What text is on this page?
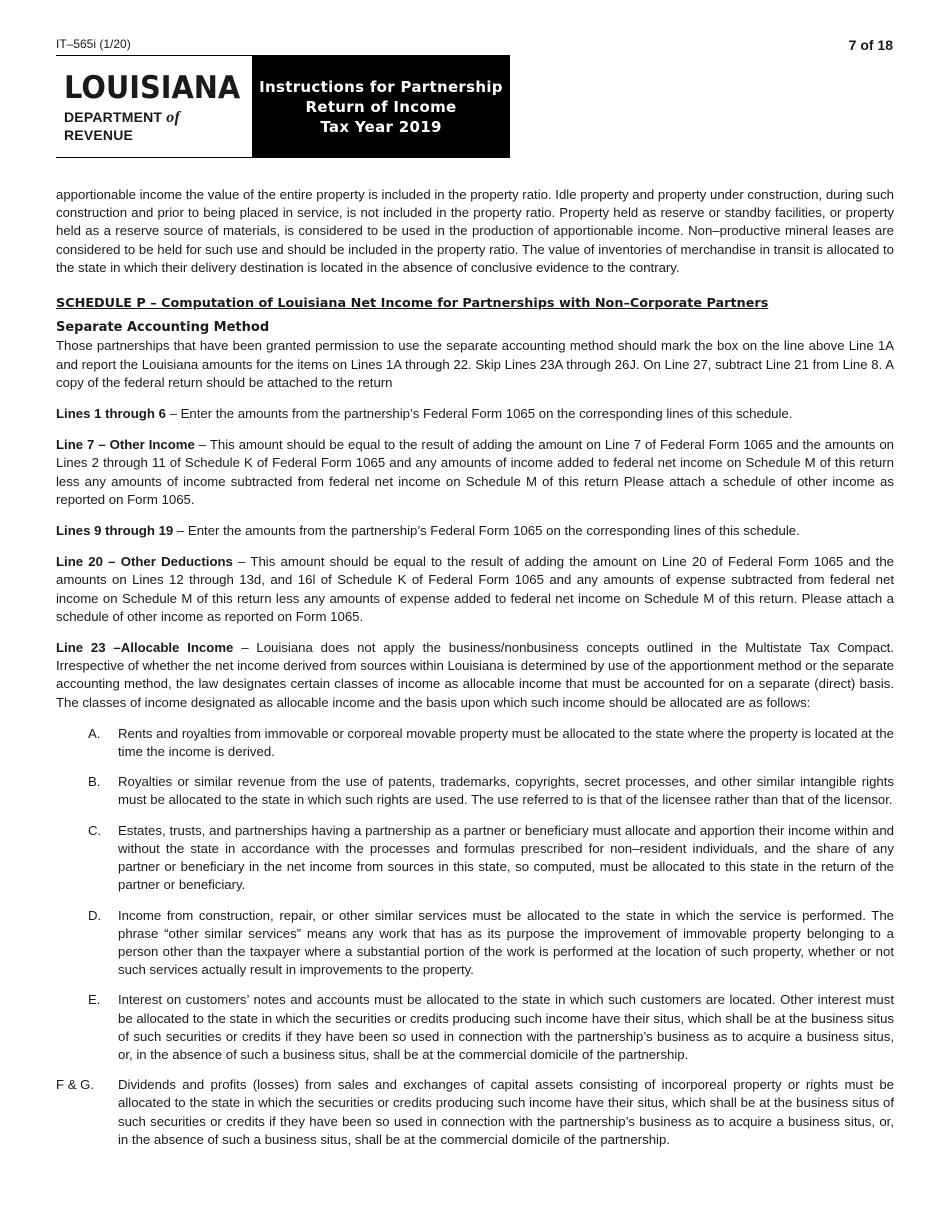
IT–565i (1/20)	7 of 18
LOUISIANA
DEPARTMENT of REVENUE
Instructions for Partnership
Return of Income
Tax Year 2019

apportionable income the value of the entire property is included in the property ratio. Idle property and property under construction, during such construction and prior to being placed in service, is not included in the property ratio. Property held as reserve or standby facilities, or property held as a reserve source of materials, is considered to be used in the production of apportionable income. Non–productive mineral leases are considered to be held for such use and should be included in the property ratio. The value of inventories of merchandise in transit is allocated to the state in which their delivery destination is located in the absence of conclusive evidence to the contrary.

SCHEDULE P – Computation of Louisiana Net Income for Partnerships with Non–Corporate Partners
Separate Accounting Method

Those partnerships that have been granted permission to use the separate accounting method should mark the box on the line above Line 1A and report the Louisiana amounts for the items on Lines 1A through 22. Skip Lines 23A through 26J. On Line 27, subtract Line 21 from Line 8. A copy of the federal return should be attached to the return

Lines 1 through 6 – Enter the amounts from the partnership’s Federal Form 1065 on the corresponding lines of this schedule.

Line 7 – Other Income – This amount should be equal to the result of adding the amount on Line 7 of Federal Form 1065 and the amounts on Lines 2 through 11 of Schedule K of Federal Form 1065 and any amounts of income added to federal net income on Schedule M of this return less any amounts of income subtracted from federal net income on Schedule M of this return Please attach a schedule of other income as reported on Form 1065.

Lines 9 through 19 – Enter the amounts from the partnership’s Federal Form 1065 on the corresponding lines of this schedule.

Line 20 – Other Deductions – This amount should be equal to the result of adding the amount on Line 20 of Federal Form 1065 and the amounts on Lines 12 through 13d, and 16l of Schedule K of Federal Form 1065 and any amounts of expense subtracted from federal net income on Schedule M of this return less any amounts of expense added to federal net income on Schedule M of this return. Please attach a schedule of other income as reported on Form 1065.

Line 23 –Allocable Income – Louisiana does not apply the business/nonbusiness concepts outlined in the Multistate Tax Compact. Irrespective of whether the net income derived from sources within Louisiana is determined by use of the apportionment method or the separate accounting method, the law designates certain classes of income as allocable income that must be accounted for on a separate (direct) basis. The classes of income designated as allocable income and the basis upon which such income should be allocated are as follows:

A.	Rents and royalties from immovable or corporeal movable property must be allocated to the state where the property is located at the time the income is derived.
B.	Royalties or similar revenue from the use of patents, trademarks, copyrights, secret processes, and other similar intangible rights must be allocated to the state in which such rights are used. The use referred to is that of the licensee rather than that of the licensor.
C.	Estates, trusts, and partnerships having a partnership as a partner or beneficiary must allocate and apportion their income within and without the state in accordance with the processes and formulas prescribed for non–resident individuals, and the share of any partner or beneficiary in the net income from sources in this state, so computed, must be allocated to this state in the return of the partner or beneficiary.
D.	Income from construction, repair, or other similar services must be allocated to the state in which the service is performed. The phrase “other similar services” means any work that has as its purpose the improvement of immovable property belonging to a person other than the taxpayer where a substantial portion of the work is performed at the location of such property, whether or not such services actually result in improvements to the property.
E.	Interest on customers’ notes and accounts must be allocated to the state in which such customers are located. Other interest must be allocated to the state in which the securities or credits producing such income have their situs, which shall be at the business situs of such securities or credits if they have been so used in connection with the partnership’s business as to acquire a business situs, or, in the absence of such a business situs, shall be at the commercial domicile of the partnership.
F & G.	Dividends and profits (losses) from sales and exchanges of capital assets consisting of incorporeal property or rights must be allocated to the state in which the securities or credits producing such income have their situs, which shall be at the business situs of such securities or credits if they have been so used in connection with the partnership’s business as to acquire a business situs, or, in the absence of such a business situs, shall be at the commercial domicile of the partnership.
